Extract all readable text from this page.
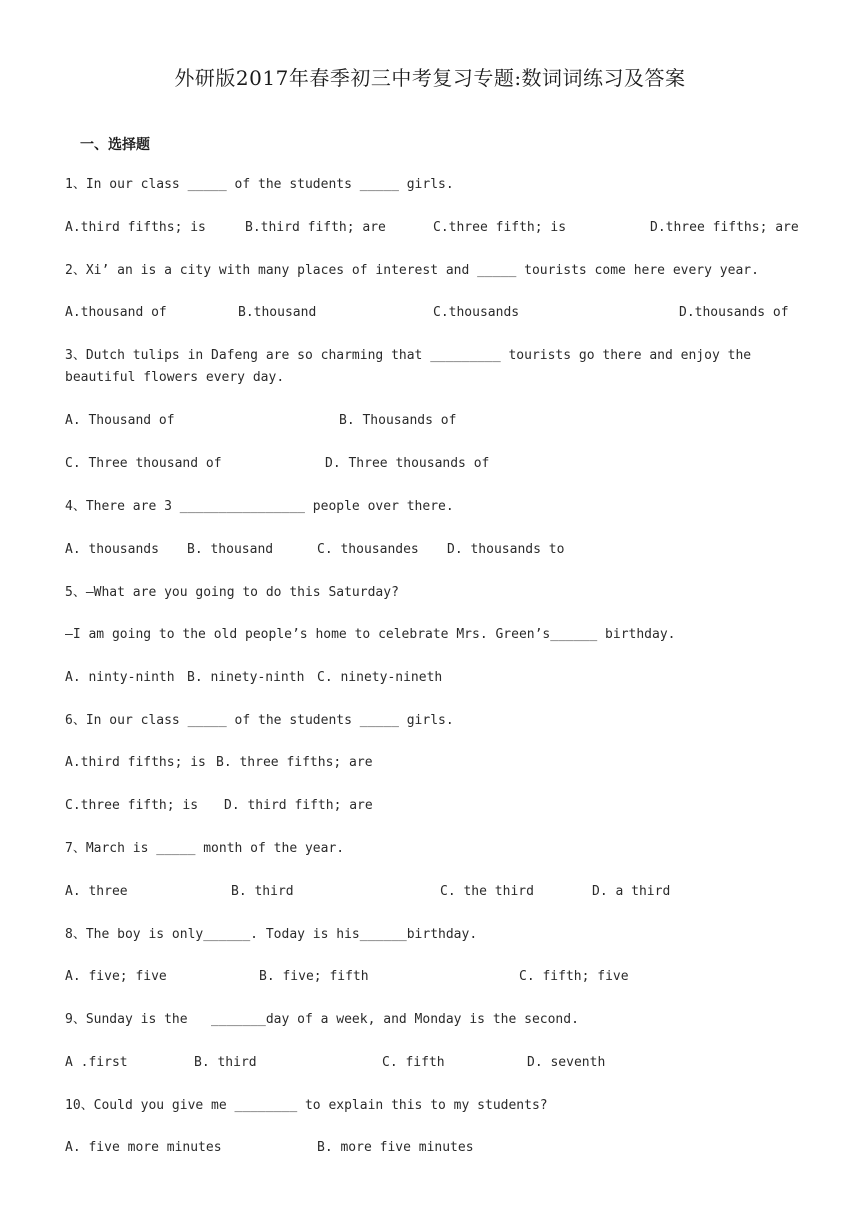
外研版2017年春季初三中考复习专题:数词词练习及答案
一、选择题
1、In our class _____ of the students _____ girls.
A.third fifths; is	B.third fifth; are	C.three fifth; is	D.three fifths; are
2、Xi’ an is a city with many places of interest and _____ tourists come here every year.
A.thousand of	B.thousand	C.thousands	D.thousands of
3、Dutch tulips in Dafeng are so charming that _________ tourists go there and enjoy the beautiful flowers every day.
A. Thousand of	B. Thousands of
C. Three thousand of	D. Three thousands of
4、There are 3 ________________ people over there.
A. thousands B. thousand	C. thousandes D. thousands to
5、—What are you going to do this Saturday?
—I am going to the old people’s home to celebrate Mrs. Green’s______ birthday.
A. ninty-ninth B. ninety-ninth C. ninety-nineth
6、In our class _____ of the students _____ girls.
A.third fifths; is B. three fifths; are
C.three fifth; is D. third fifth; are
7、March is _____ month of the year.
A. three	B. third	C. the third	D. a third
8、The boy is only______. Today is his______birthday.
A. five; five	B. five; fifth	C. fifth; five
9、Sunday is the   _______day of a week, and Monday is the second.
A .first	B. third	C. fifth	D. seventh
10、Could you give me ________ to explain this to my students?
A. five more minutes	B. more five minutes
